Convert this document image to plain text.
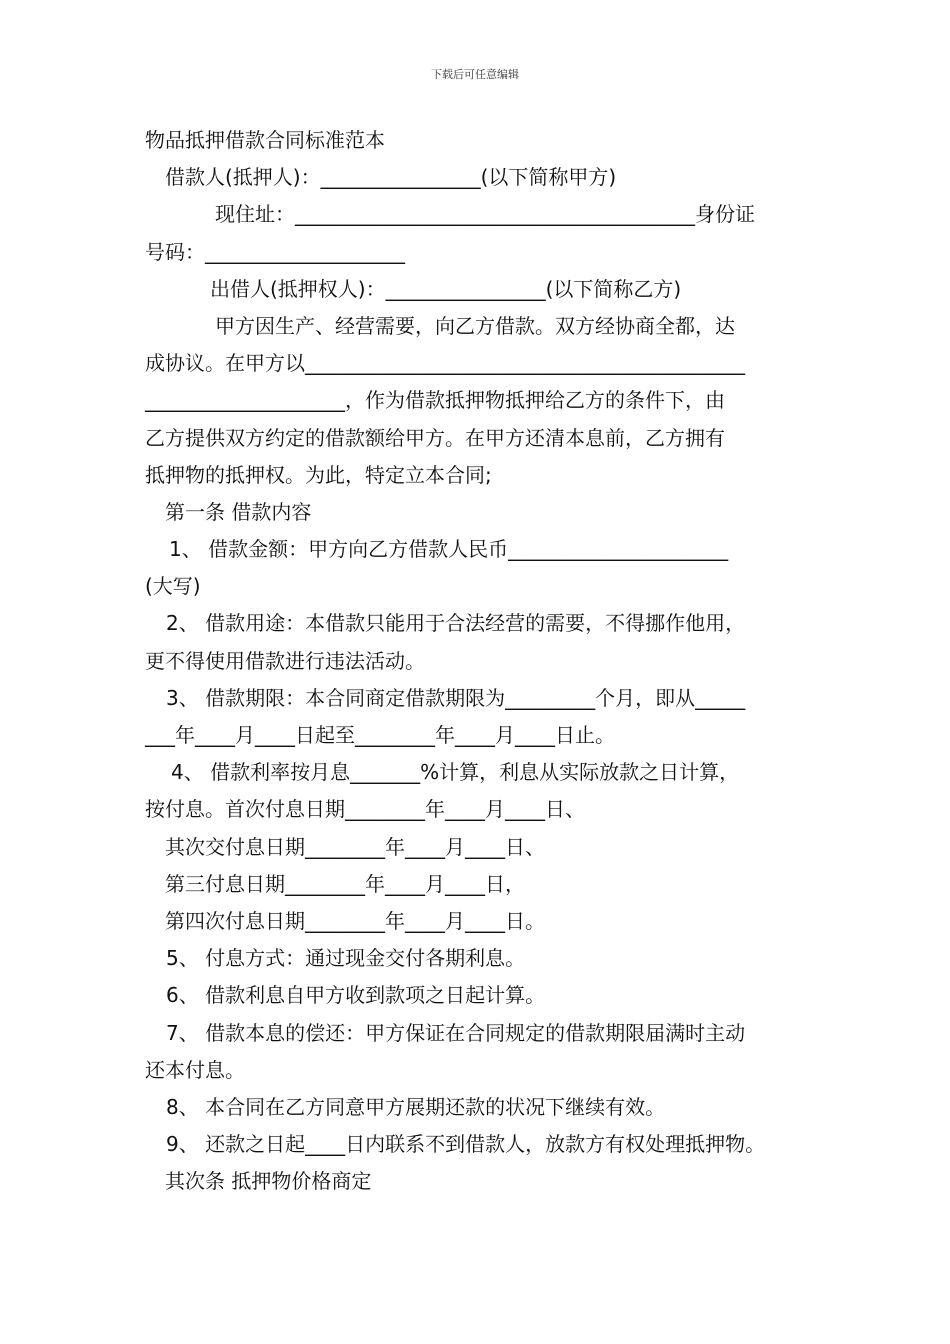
下载后可任意编辑
物品抵押借款合同标准范本
借款人(抵押人)：________________(以下简称甲方)
现住址：________________________________________身份证
号码：____________________
出借人(抵押权人)：________________(以下简称乙方)
甲方因生产、经营需要，向乙方借款。双方经协商全都，达
成协议。在甲方以____________________________________________
____________________，作为借款抵押物抵押给乙方的条件下，由
乙方提供双方约定的借款额给甲方。在甲方还清本息前，乙方拥有
抵押物的抵押权。为此，特定立本合同;
第一条 借款内容
1、 借款金额：甲方向乙方借款人民币______________________
(大写)
2、 借款用途：本借款只能用于合法经营的需要，不得挪作他用，
更不得使用借款进行违法活动。
3、 借款期限：本合同商定借款期限为_________个月，即从_____
___年____月____日起至________年____月____日止。
4、 借款利率按月息_______%计算，利息从实际放款之日计算，
按付息。首次付息日期________年____月____日、
其次交付息日期________年____月____日、
第三付息日期________年____月____日，
第四次付息日期________年____月____日。
5、 付息方式：通过现金交付各期利息。
6、 借款利息自甲方收到款项之日起计算。
7、 借款本息的偿还：甲方保证在合同规定的借款期限届满时主动
还本付息。
8、 本合同在乙方同意甲方展期还款的状况下继续有效。
9、 还款之日起____日内联系不到借款人，放款方有权处理抵押物。
其次条 抵押物价格商定
